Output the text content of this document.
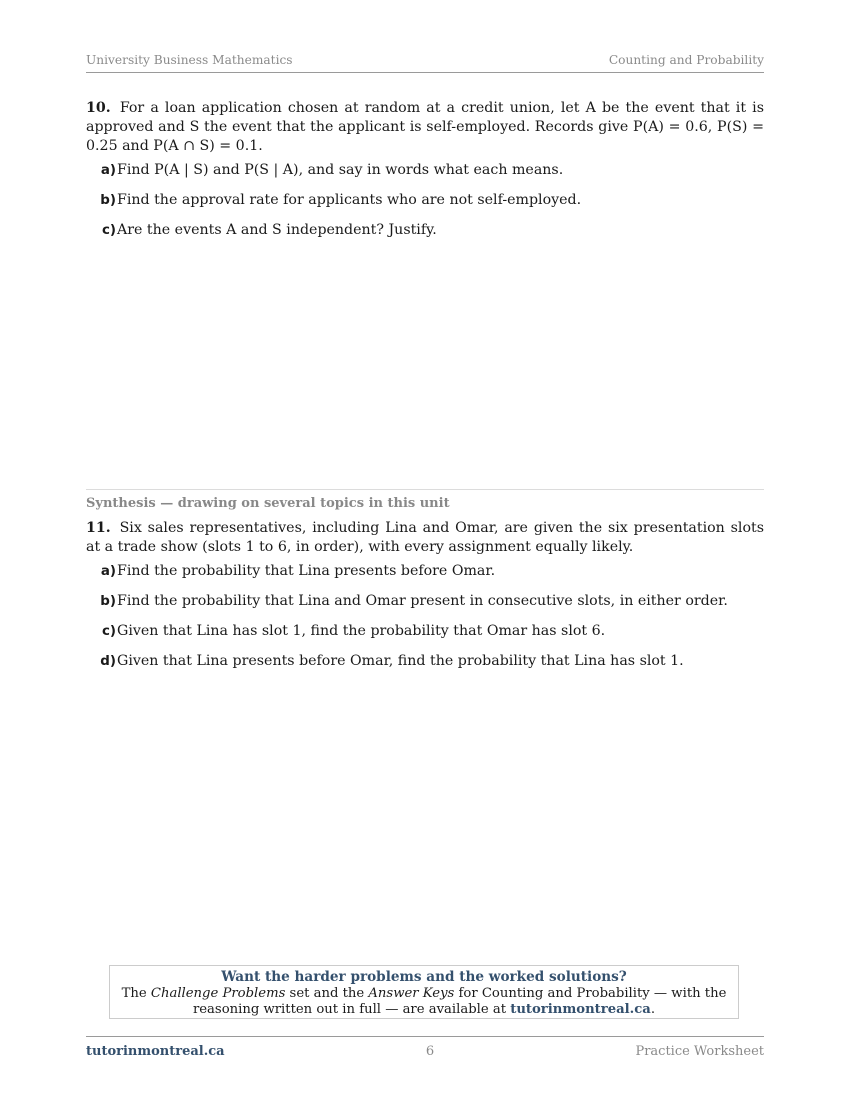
University Business Mathematics	Counting and Probability
10. For a loan application chosen at random at a credit union, let A be the event that it is approved and S the event that the applicant is self-employed. Records give P(A) = 0.6, P(S) = 0.25 and P(A ∩ S) = 0.1.
a) Find P(A | S) and P(S | A), and say in words what each means.
b) Find the approval rate for applicants who are not self-employed.
c) Are the events A and S independent? Justify.
Synthesis — drawing on several topics in this unit
11. Six sales representatives, including Lina and Omar, are given the six presentation slots at a trade show (slots 1 to 6, in order), with every assignment equally likely.
a) Find the probability that Lina presents before Omar.
b) Find the probability that Lina and Omar present in consecutive slots, in either order.
c) Given that Lina has slot 1, find the probability that Omar has slot 6.
d) Given that Lina presents before Omar, find the probability that Lina has slot 1.
Want the harder problems and the worked solutions?
The Challenge Problems set and the Answer Keys for Counting and Probability — with the reasoning written out in full — are available at tutorinmontreal.ca.
tutorinmontreal.ca	6	Practice Worksheet
